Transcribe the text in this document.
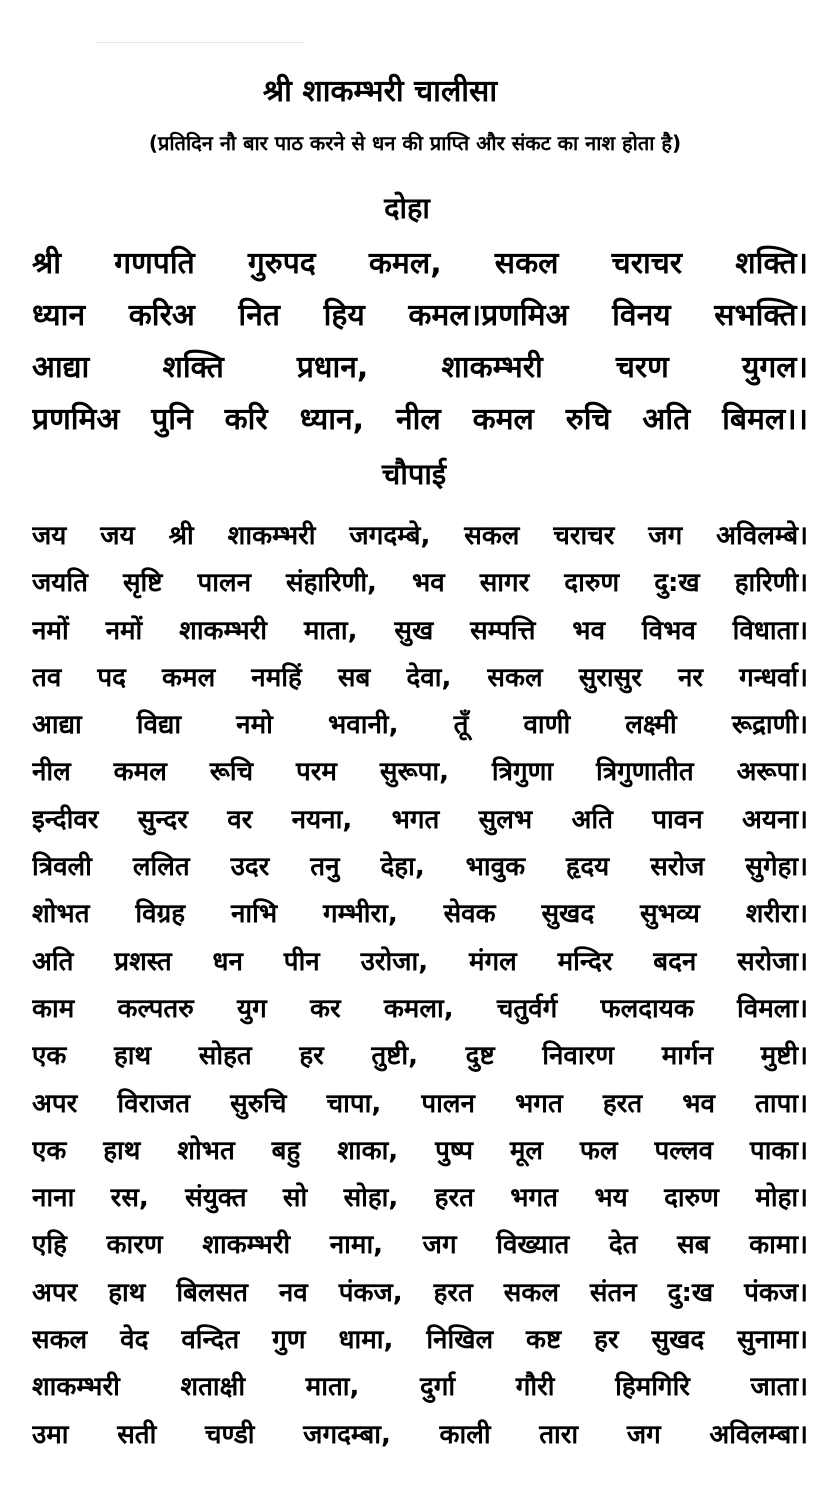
श्री शाकम्भरी चालीसा
(प्रतिदिन नौ बार पाठ करने से धन की प्राप्ति और संकट का नाश होता है)
दोहा
श्री गणपति गुरुपद कमल, सकल चराचर शक्ति।
ध्यान करिअ नित हिय कमल।प्रणमिअ विनय सभक्ति।
आद्या शक्ति प्रधान, शाकम्भरी चरण युगल।
प्रणमिअ पुनि करि ध्यान, नील कमल रुचि अति बिमल।।
चौपाई
जय जय श्री शाकम्भरी जगदम्बे, सकल चराचर जग अविलम्बे।
जयति सृष्टि पालन संहारिणी, भव सागर दारुण दु:ख हारिणी।
नमों नमों शाकम्भरी माता, सुख सम्पत्ति भव विभव विधाता।
तव पद कमल नमहिं सब देवा, सकल सुरासुर नर गन्धर्वा।
आद्या विद्या नमो भवानी, तूँ वाणी लक्ष्मी रूद्राणी।
नील कमल रूचि परम सुरूपा, त्रिगुणा त्रिगुणातीत अरूपा।
इन्दीवर सुन्दर वर नयना, भगत सुलभ अति पावन अयना।
त्रिवली ललित उदर तनु देहा, भावुक हृदय सरोज सुगेहा।
शोभत विग्रह नाभि गम्भीरा, सेवक सुखद सुभव्य शरीरा।
अति प्रशस्त धन पीन उरोजा, मंगल मन्दिर बदन सरोजा।
काम कल्पतरु युग कर कमला, चतुर्वर्ग फलदायक विमला।
एक हाथ सोहत हर तुष्टी, दुष्ट निवारण मार्गन मुष्टी।
अपर विराजत सुरुचि चापा, पालन भगत हरत भव तापा।
एक हाथ शोभत बहु शाका, पुष्प मूल फल पल्लव पाका।
नाना रस, संयुक्त सो सोहा, हरत भगत भय दारुण मोहा।
एहि कारण शाकम्भरी नामा, जग विख्यात देत सब कामा।
अपर हाथ बिलसत नव पंकज, हरत सकल संतन दु:ख पंकज।
सकल वेद वन्दित गुण धामा, निखिल कष्ट हर सुखद सुनामा।
शाकम्भरी शताक्षी माता, दुर्गा गौरी हिमगिरि जाता।
उमा सती चण्डी जगदम्बा, काली तारा जग अविलम्बा।
